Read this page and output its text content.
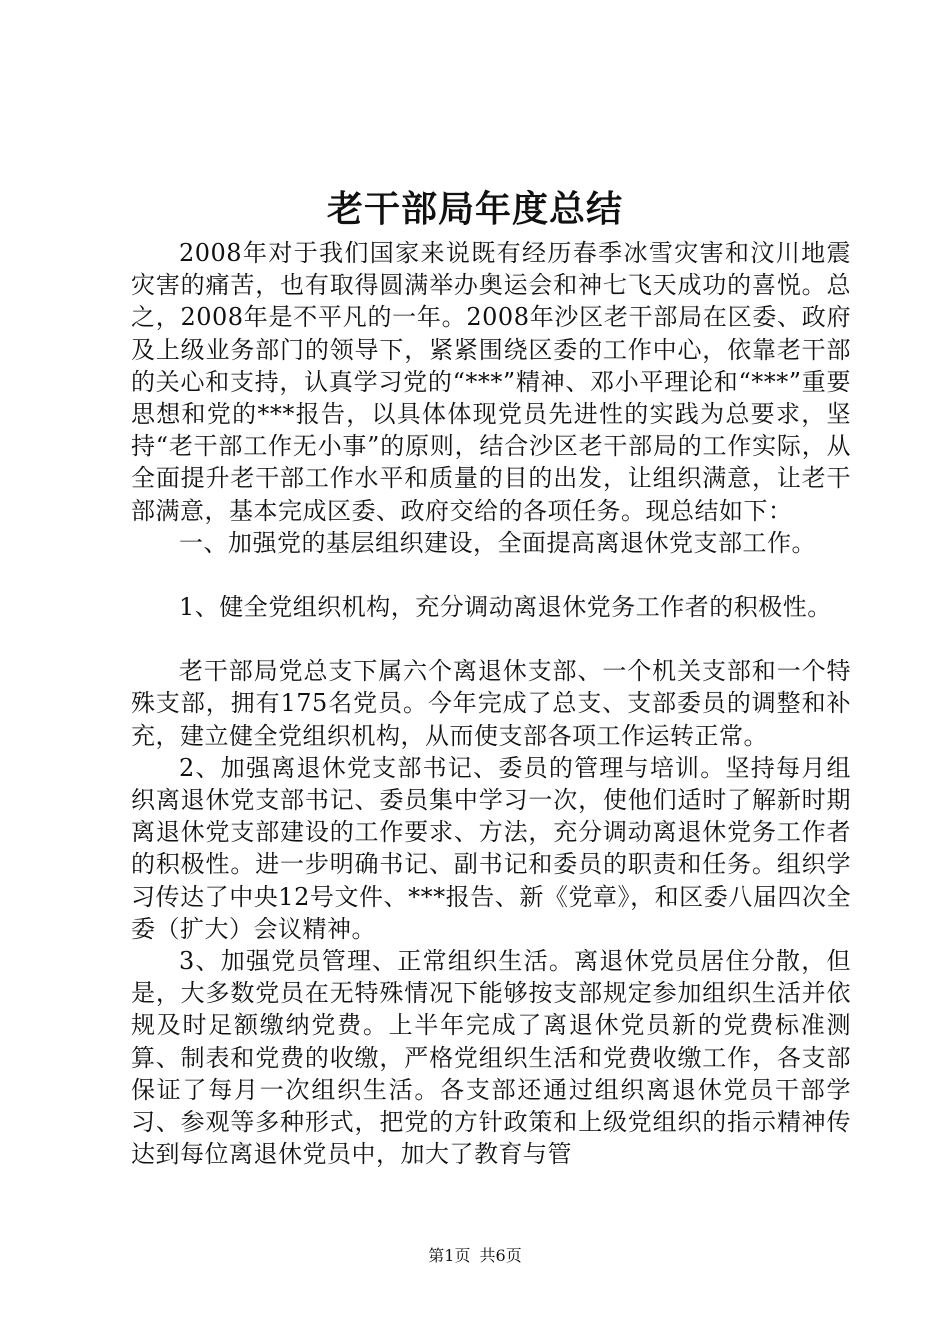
老干部局年度总结

2008年对于我们国家来说既有经历春季冰雪灾害和汶川地震灾害的痛苦，也有取得圆满举办奥运会和神七飞天成功的喜悦。总之，2008年是不平凡的一年。2008年沙区老干部局在区委、政府及上级业务部门的领导下，紧紧围绕区委的工作中心，依靠老干部的关心和支持，认真学习党的“***”精神、邓小平理论和“***”重要思想和党的***报告，以具体体现党员先进性的实践为总要求，坚持“老干部工作无小事”的原则，结合沙区老干部局的工作实际，从全面提升老干部工作水平和质量的目的出发，让组织满意，让老干部满意，基本完成区委、政府交给的各项任务。现总结如下：

一、加强党的基层组织建设，全面提高离退休党支部工作。

1、健全党组织机构，充分调动离退休党务工作者的积极性。

老干部局党总支下属六个离退休支部、一个机关支部和一个特殊支部，拥有175名党员。今年完成了总支、支部委员的调整和补充，建立健全党组织机构，从而使支部各项工作运转正常。

2、加强离退休党支部书记、委员的管理与培训。坚持每月组织离退休党支部书记、委员集中学习一次，使他们适时了解新时期离退休党支部建设的工作要求、方法，充分调动离退休党务工作者的积极性。进一步明确书记、副书记和委员的职责和任务。组织学习传达了中央12号文件、***报告、新《党章》，和区委八届四次全委（扩大）会议精神。

3、加强党员管理、正常组织生活。离退休党员居住分散，但是，大多数党员在无特殊情况下能够按支部规定参加组织生活并依规及时足额缴纳党费。上半年完成了离退休党员新的党费标准测算、制表和党费的收缴，严格党组织生活和党费收缴工作，各支部保证了每月一次组织生活。各支部还通过组织离退休党员干部学习、参观等多种形式，把党的方针政策和上级党组织的指示精神传达到每位离退休党员中，加大了教育与管

第1页 共6页
